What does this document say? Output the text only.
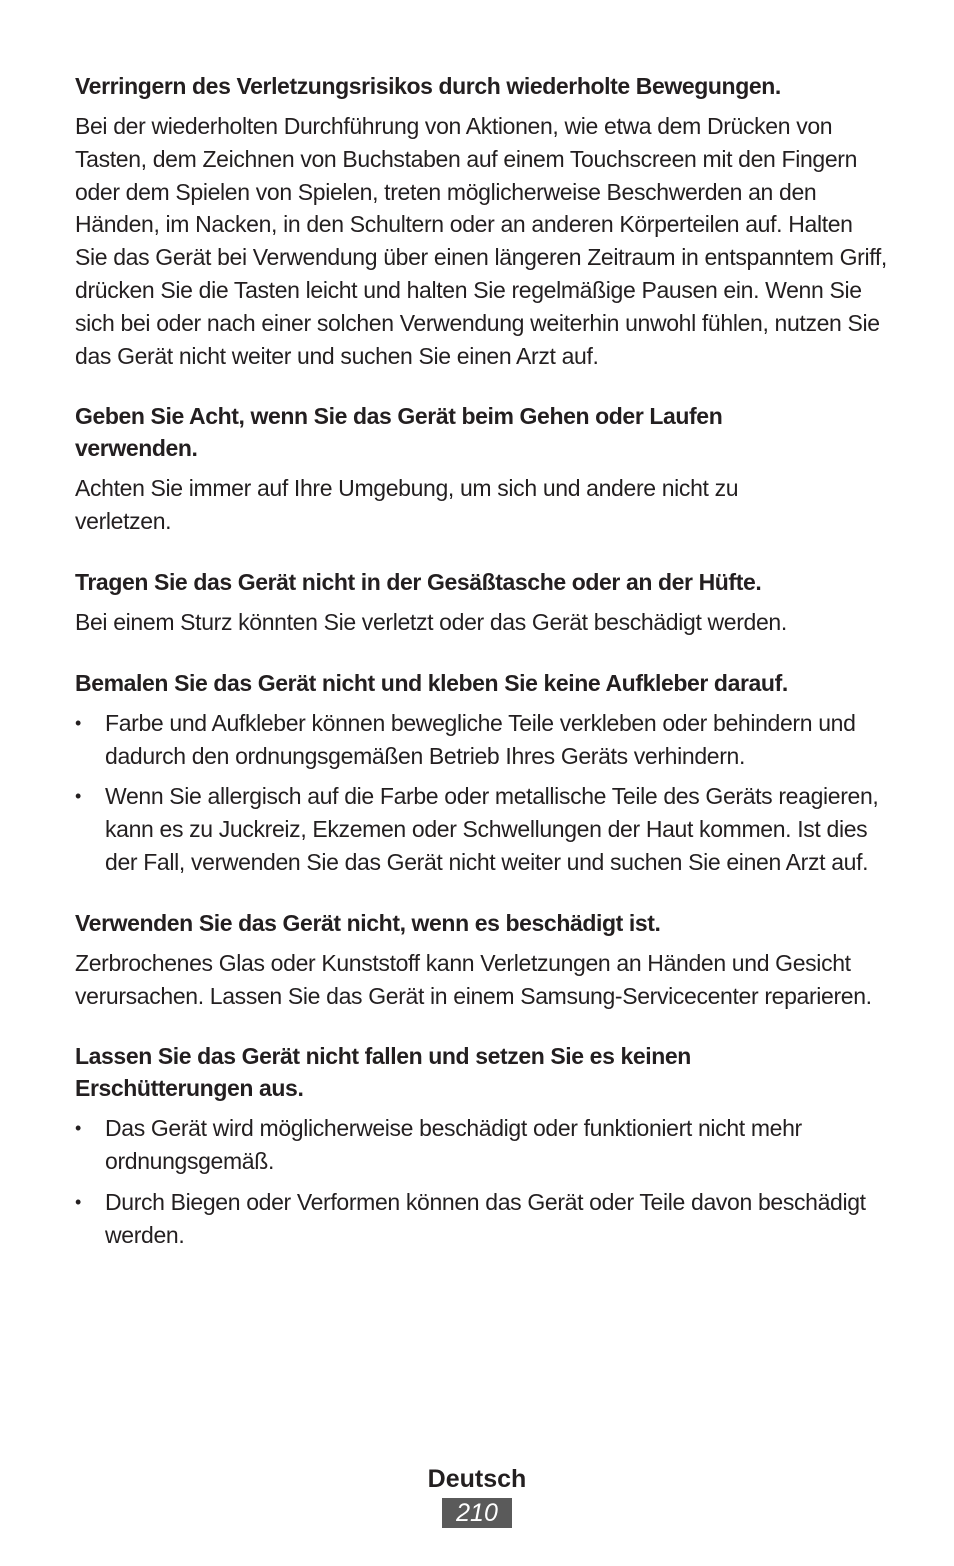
Verringern des Verletzungsrisikos durch wiederholte Bewegungen.

Bei der wiederholten Durchführung von Aktionen, wie etwa dem Drücken von Tasten, dem Zeichnen von Buchstaben auf einem Touchscreen mit den Fingern oder dem Spielen von Spielen, treten möglicherweise Beschwerden an den Händen, im Nacken, in den Schultern oder an anderen Körperteilen auf. Halten Sie das Gerät bei Verwendung über einen längeren Zeitraum in entspanntem Griff, drücken Sie die Tasten leicht und halten Sie regelmäßige Pausen ein. Wenn Sie sich bei oder nach einer solchen Verwendung weiterhin unwohl fühlen, nutzen Sie das Gerät nicht weiter und suchen Sie einen Arzt auf.

Geben Sie Acht, wenn Sie das Gerät beim Gehen oder Laufen verwenden.

Achten Sie immer auf Ihre Umgebung, um sich und andere nicht zu verletzen.

Tragen Sie das Gerät nicht in der Gesäßtasche oder an der Hüfte.

Bei einem Sturz könnten Sie verletzt oder das Gerät beschädigt werden.

Bemalen Sie das Gerät nicht und kleben Sie keine Aufkleber darauf.
• Farbe und Aufkleber können bewegliche Teile verkleben oder behindern und dadurch den ordnungsgemäßen Betrieb Ihres Geräts verhindern.
• Wenn Sie allergisch auf die Farbe oder metallische Teile des Geräts reagieren, kann es zu Juckreiz, Ekzemen oder Schwellungen der Haut kommen. Ist dies der Fall, verwenden Sie das Gerät nicht weiter und suchen Sie einen Arzt auf.
Verwenden Sie das Gerät nicht, wenn es beschädigt ist.

Zerbrochenes Glas oder Kunststoff kann Verletzungen an Händen und Gesicht verursachen. Lassen Sie das Gerät in einem Samsung-Servicecenter reparieren.

Lassen Sie das Gerät nicht fallen und setzen Sie es keinen Erschütterungen aus.
• Das Gerät wird möglicherweise beschädigt oder funktioniert nicht mehr ordnungsgemäß.
• Durch Biegen oder Verformen können das Gerät oder Teile davon beschädigt werden.
Deutsch
210
